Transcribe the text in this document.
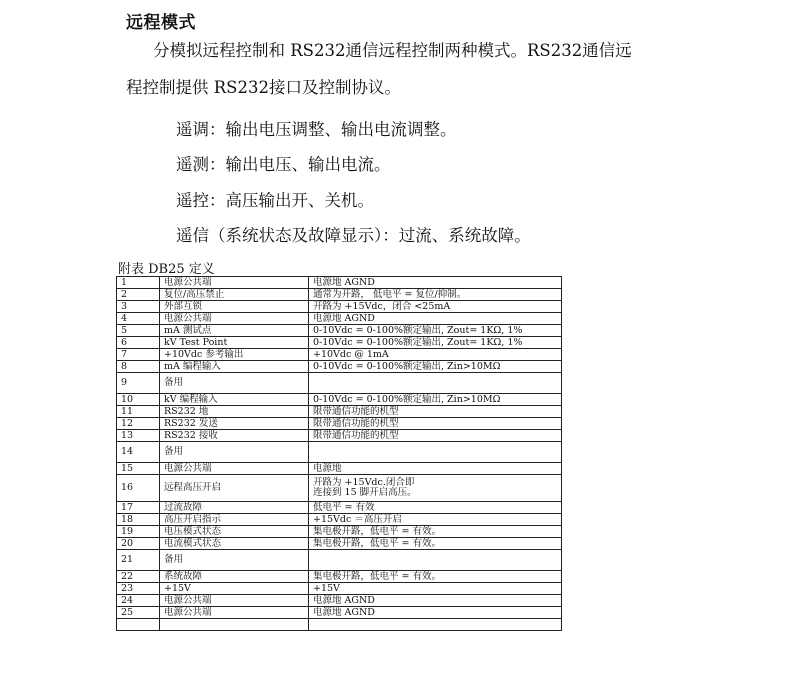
远程模式
分模拟远程控制和 RS232通信远程控制两种模式。RS232通信远
程控制提供 RS232接口及控制协议。
遥调：输出电压调整、输出电流调整。
遥测：输出电压、输出电流。
遥控：高压输出开、关机。
遥信（系统状态及故障显示）：过流、系统故障。
附表 DB25 定义
1	电源公共端	电源地 AGND
2	复位/高压禁止	通常为开路， 低电平 = 复位/抑制。
3	外部互锁	开路为 +15Vdc，闭合 <25mA
4	电源公共端	电源地 AGND
5	mA 测试点	0-10Vdc = 0-100%额定输出, Zout= 1KΩ, 1%
6	kV Test Point	0-10Vdc = 0-100%额定输出, Zout= 1KΩ, 1%
7	+10Vdc 参考输出	+10Vdc @ 1mA
8	mA 编程输入	0-10Vdc = 0-100%额定输出, Zin>10MΩ
9	备用	
10	kV 编程输入	0-10Vdc = 0-100%额定输出, Zin>10MΩ
11	RS232 地	限带通信功能的机型
12	RS232 发送	限带通信功能的机型
13	RS232 接收	限带通信功能的机型
14	备用	
15	电源公共端	电源地
16	远程高压开启	开路为 +15Vdc.闭合即
连接到 15 脚开启高压。

17	过流故障	低电平 = 有效
18	高压开启指示	+15Vdc ＝高压开启
19	电压模式状态	集电极开路，低电平 = 有效。
20	电流模式状态	集电极开路，低电平 = 有效。
21	备用	
22	系统故障	集电极开路，低电平 = 有效。
23	+15V	+15V
24	电源公共端	电源地 AGND
25	电源公共端	电源地 AGND
